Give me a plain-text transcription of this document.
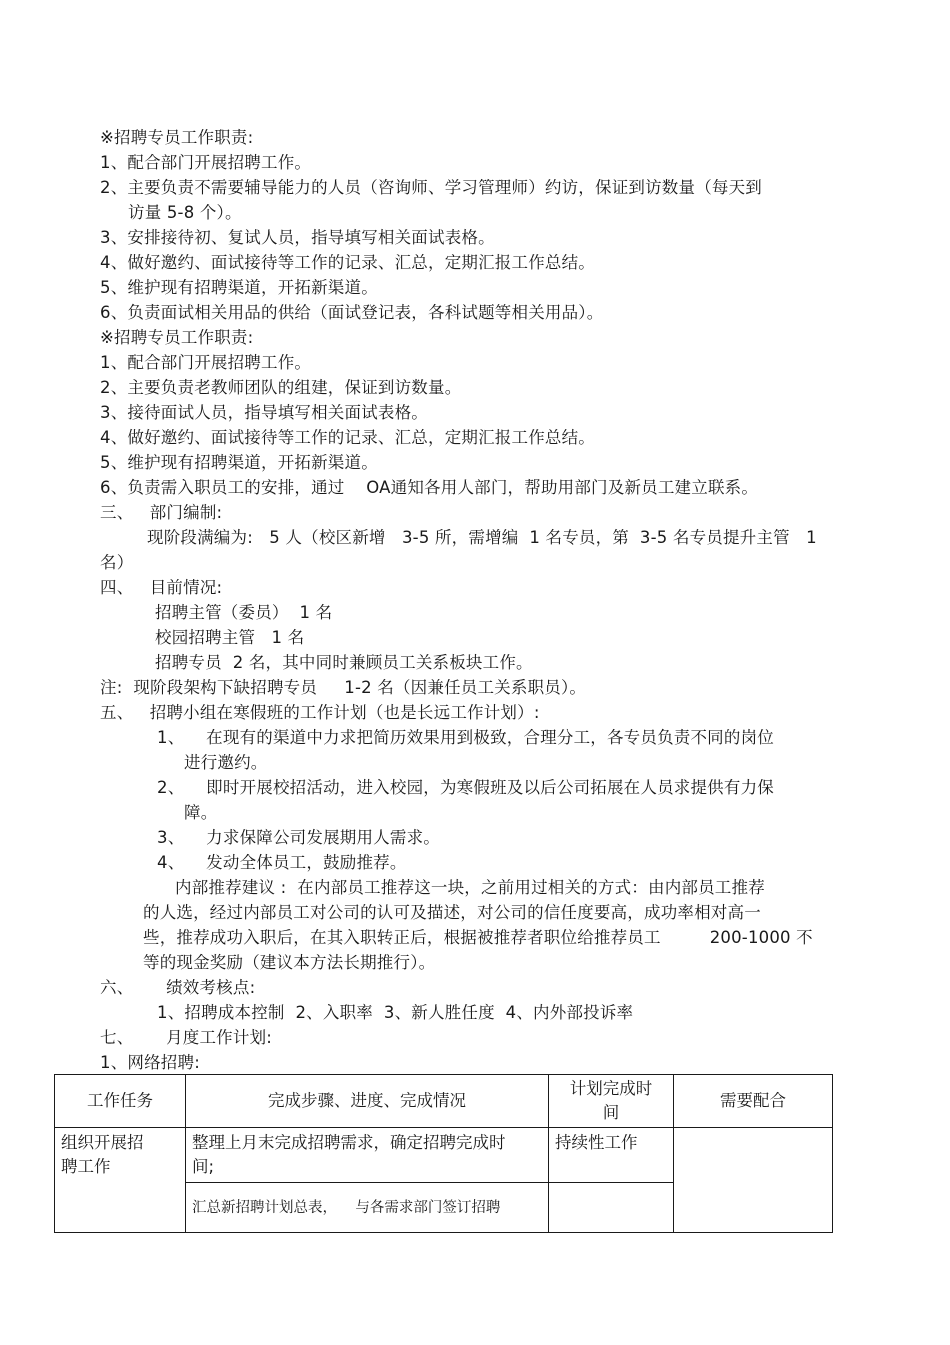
※招聘专员工作职责:
1、配合部门开展招聘工作。
2、主要负责不需要辅导能力的人员（咨询师、学习管理师）约访，保证到访数量（每天到
访量 5-8 个）。
3、安排接待初、复试人员，指导填写相关面试表格。
4、做好邀约、面试接待等工作的记录、汇总，定期汇报工作总结。
5、维护现有招聘渠道，开拓新渠道。
6、负责面试相关用品的供给（面试登记表，各科试题等相关用品）。
※招聘专员工作职责:
1、配合部门开展招聘工作。
2、主要负责老教师团队的组建，保证到访数量。
3、接待面试人员，指导填写相关面试表格。
4、做好邀约、面试接待等工作的记录、汇总，定期汇报工作总结。
5、维护现有招聘渠道，开拓新渠道。
6、负责需入职员工的安排，通过    OA通知各用人部门，帮助用部门及新员工建立联系。
三、   部门编制:
现阶段满编为:   5 人（校区新增   3-5 所，需增编  1 名专员，第  3-5 名专员提升主管   1
名）
四、   目前情况:
招聘主管（委员）  1 名
校园招聘主管   1 名
招聘专员  2 名，其中同时兼顾员工关系板块工作。
注:  现阶段架构下缺招聘专员     1-2 名（因兼任员工关系职员）。
五、   招聘小组在寒假班的工作计划（也是长远工作计划）:
1、    在现有的渠道中力求把简历效果用到极致，合理分工，各专员负责不同的岗位
进行邀约。
2、    即时开展校招活动，进入校园，为寒假班及以后公司拓展在人员求提供有力保
障。
3、    力求保障公司发展期用人需求。
4、    发动全体员工，鼓励推荐。
内部推荐建议 :  在内部员工推荐这一块，之前用过相关的方式：由内部员工推荐
的人选，经过内部员工对公司的认可及描述，对公司的信任度要高，成功率相对高一
些，推荐成功入职后，在其入职转正后，根据被推荐者职位给推荐员工         200-1000 不
等的现金奖励（建议本方法长期推行）。
六、      绩效考核点:
1、招聘成本控制  2、入职率  3、新人胜任度  4、内外部投诉率
七、      月度工作计划:
1、网络招聘:
工作任务	完成步骤、进度、完成情况	计划完成时间	需要配合
组织开展招聘工作	整理上月末完成招聘需求，确定招聘完成时间;	持续性工作	
	汇总新招聘计划总表，    与各需求部门签订招聘		
